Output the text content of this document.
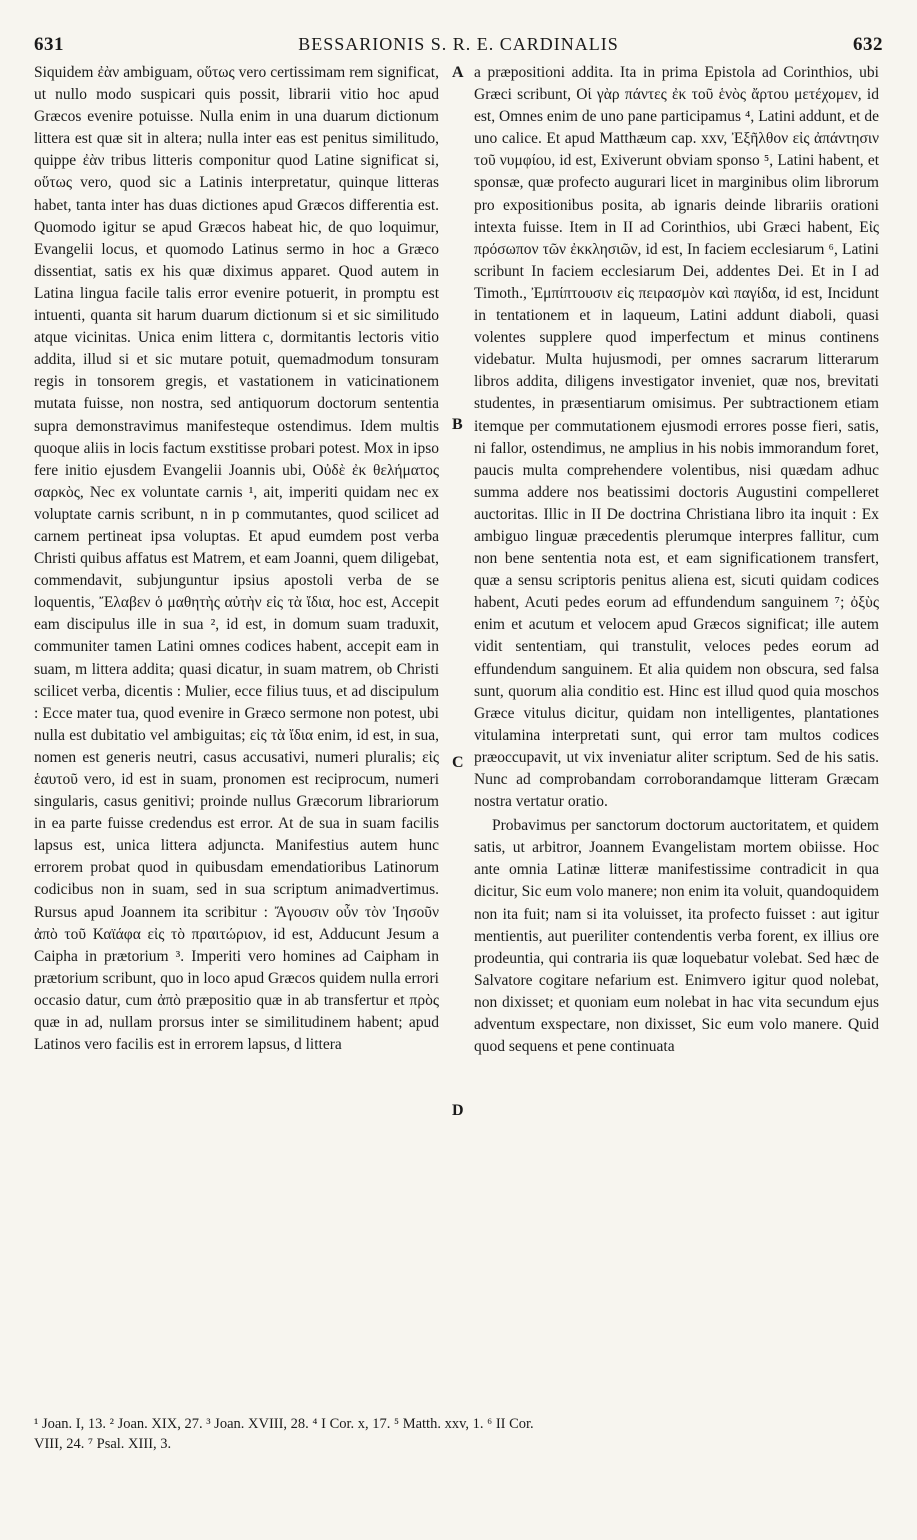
631	BESSARIONIS S. R. E. CARDINALIS	632

Siquidem ἐὰν ambiguam, οὕτως vero certissimam rem significat, ut nullo modo suspicari quis possit, librarii vitio hoc apud Græcos evenire potuisse. Nulla enim in una duarum dictionum littera est quæ sit in altera; nulla inter eas est penitus similitudo, quippe ἐὰν tribus litteris componitur quod Latine significat si, οὕτως vero, quod sic a Latinis interpretatur, quinque litteras habet, tanta inter has duas dictiones apud Græcos differentia est. Quomodo igitur se apud Græcos habeat hic, de quo loquimur, Evangelii locus, et quomodo Latinus sermo in hoc a Græco dissentiat, satis ex his quæ diximus apparet. Quod autem in Latina lingua facile talis error evenire potuerit, in promptu est intuenti, quanta sit harum duarum dictionum si et sic similitudo atque vicinitas. Unica enim littera c, dormitantis lectoris vitio addita, illud si et sic mutare potuit, quemadmodum tonsuram regis in tonsorem gregis, et vastationem in vaticinationem mutata fuisse, non nostra, sed antiquorum doctorum sententia supra demonstravimus manifesteque ostendimus. Idem multis quoque aliis in locis factum exstitisse probari potest. Mox in ipso fere initio ejusdem Evangelii Joannis ubi, Οὐδὲ ἐκ θελήματος σαρκὸς, Nec ex voluntate carnis ¹, ait, imperiti quidam nec ex voluptate carnis scribunt, n in p commutantes, quod scilicet ad carnem pertineat ipsa voluptas. Et apud eumdem post verba Christi quibus affatus est Matrem, et eam Joanni, quem diligebat, commendavit, subjunguntur ipsius apostoli verba de se loquentis, Ἔλαβεν ὁ μαθητὴς αὐτὴν εἰς τὰ ἴδια, hoc est, Accepit eam discipulus ille in sua ², id est, in domum suam traduxit, communiter tamen Latini omnes codices habent, accepit eam in suam, m littera addita; quasi dicatur, in suam matrem, ob Christi scilicet verba, dicentis : Mulier, ecce filius tuus, et ad discipulum : Ecce mater tua, quod evenire in Græco sermone non potest, ubi nulla est dubitatio vel ambiguitas; εἰς τὰ ἴδια enim, id est, in sua, nomen est generis neutri, casus accusativi, numeri pluralis; εἰς ἑαυτοῦ vero, id est in suam, pronomen est reciprocum, numeri singularis, casus genitivi; proinde nullus Græcorum librariorum in ea parte fuisse credendus est error. At de sua in suam facilis lapsus est, unica littera adjuncta. Manifestius autem hunc errorem probat quod in quibusdam emendatioribus Latinorum codicibus non in suam, sed in sua scriptum animadvertimus. Rursus apud Joannem ita scribitur : Ἄγουσιν οὖν τὸν Ἰησοῦν ἀπὸ τοῦ Καϊάφα εἰς τὸ πραιτώριον, id est, Adducunt Jesum a Caipha in prætorium ³. Imperiti vero homines ad Caipham in prætorium scribunt, quo in loco apud Græcos quidem nulla errori occasio datur, cum ἀπὸ præpositio quæ in ab transfertur et πρὸς quæ in ad, nullam prorsus inter se similitudinem habent; apud Latinos vero facilis est in errorem lapsus, d littera

a præpositioni addita. Ita in prima Epistola ad Corinthios, ubi Græci scribunt, Οἱ γὰρ πάντες ἐκ τοῦ ἑνὸς ἄρτου μετέχομεν, id est, Omnes enim de uno pane participamus ⁴, Latini addunt, et de uno calice. Et apud Matthæum cap. xxv, Ἐξῆλθον εἰς ἀπάντησιν τοῦ νυμφίου, id est, Exiverunt obviam sponso ⁵, Latini habent, et sponsæ, quæ profecto augurari licet in marginibus olim librorum pro expositionibus posita, ab ignaris deinde librariis orationi intexta fuisse. Item in II ad Corinthios, ubi Græci habent, Εἰς πρόσωπον τῶν ἐκκλησιῶν, id est, In faciem ecclesiarum ⁶, Latini scribunt In faciem ecclesiarum Dei, addentes Dei. Et in I ad Timoth., Ἐμπίπτουσιν εἰς πειρασμὸν καὶ παγίδα, id est, Incidunt in tentationem et in laqueum, Latini addunt diaboli, quasi volentes supplere quod imperfectum et minus continens videbatur. Multa hujusmodi, per omnes sacrarum litterarum libros addita, diligens investigator inveniet, quæ nos, brevitati studentes, in præsentiarum omisimus. Per subtractionem etiam itemque per commutationem ejusmodi errores posse fieri, satis, ni fallor, ostendimus, ne amplius in his nobis immorandum foret, paucis multa comprehendere volentibus, nisi quædam adhuc summa addere nos beatissimi doctoris Augustini compelleret auctoritas. Illic in II De doctrina Christiana libro ita inquit : Ex ambiguo linguæ præcedentis plerumque interpres fallitur, cum non bene sententia nota est, et eam significationem transfert, quæ a sensu scriptoris penitus aliena est, sicuti quidam codices habent, Acuti pedes eorum ad effundendum sanguinem ⁷; ὀξὺς enim et acutum et velocem apud Græcos significat; ille autem vidit sententiam, qui transtulit, veloces pedes eorum ad effundendum sanguinem. Et alia quidem non obscura, sed falsa sunt, quorum alia conditio est. Hinc est illud quod quia moschos Græce vitulus dicitur, quidam non intelligentes, plantationes vitulamina interpretati sunt, qui error tam multos codices præoccupavit, ut vix inveniatur aliter scriptum. Sed de his satis. Nunc ad comprobandam corroborandamque litteram Græcam nostra vertatur oratio.

Probavimus per sanctorum doctorum auctoritatem, et quidem satis, ut arbitror, Joannem Evangelistam mortem obiisse. Hoc ante omnia Latinæ litteræ manifestissime contradicit in qua dicitur, Sic eum volo manere; non enim ita voluit, quandoquidem non ita fuit; nam si ita voluisset, ita profecto fuisset : aut igitur mentientis, aut pueriliter contendentis verba forent, ex illius ore prodeuntia, qui contraria iis quæ loquebatur volebat. Sed hæc de Salvatore cogitare nefarium est. Enimvero igitur quod nolebat, non dixisset; et quoniam eum nolebat in hac vita secundum ejus adventum exspectare, non dixisset, Sic eum volo manere. Quid quod sequens et pene continuata

A
B
C
D
¹ Joan. I, 13. ² Joan. XIX, 27. ³ Joan. XVIII, 28. ⁴ I Cor. x, 17. ⁵ Matth. xxv, 1. ⁶ II Cor.
VIII, 24. ⁷ Psal. XIII, 3.
